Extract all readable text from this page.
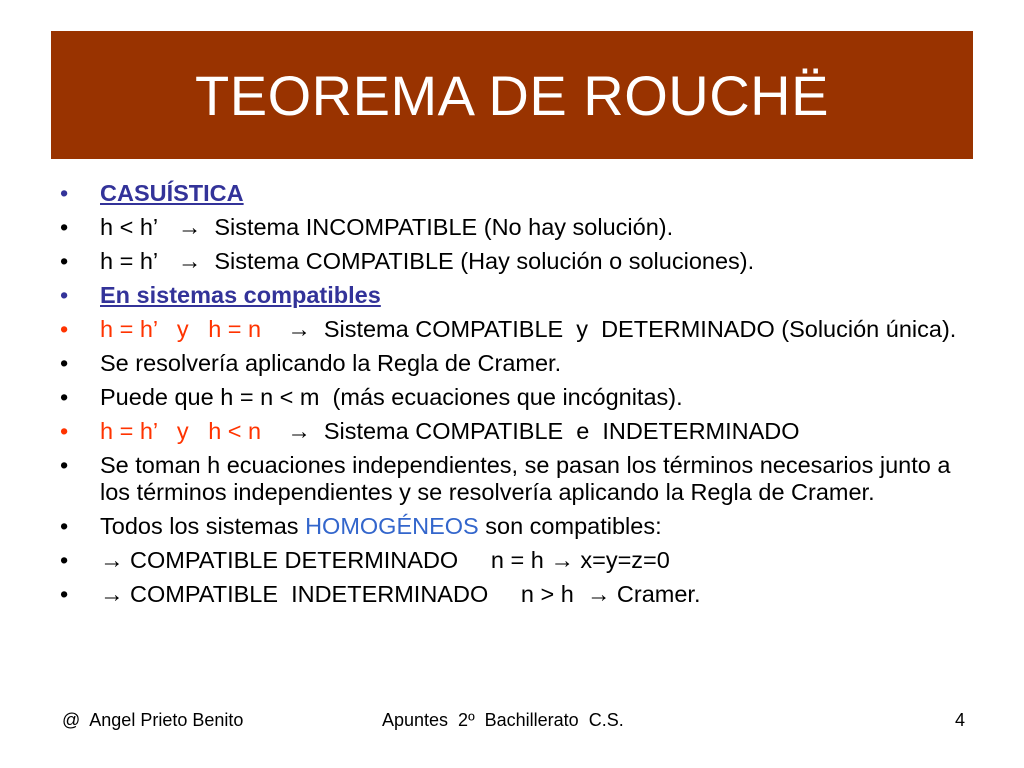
TEOREMA DE ROUCHË
•	CASUÍSTICA
•	h < h’ → Sistema INCOMPATIBLE (No hay solución).
•	h = h’ → Sistema COMPATIBLE (Hay solución o soluciones).
•	En sistemas compatibles
•	h = h’   y   h = n → Sistema COMPATIBLE  y  DETERMINADO (Solución única).
•	Se resolvería aplicando la Regla de Cramer.
•	Puede que h = n < m  (más ecuaciones que incógnitas).
•	h = h’   y   h < n → Sistema COMPATIBLE  e  INDETERMINADO
•	Se toman h ecuaciones independientes, se pasan los términos necesarios junto a los términos independientes y se resolvería aplicando la Regla de Cramer.
•	Todos los sistemas HOMOGÉNEOS son compatibles:
•	→ COMPATIBLE DETERMINADO n = h → x=y=z=0
•	→ COMPATIBLE  INDETERMINADO n > h → Cramer.
@  Angel Prieto Benito	Apuntes  2º  Bachillerato  C.S.	4
